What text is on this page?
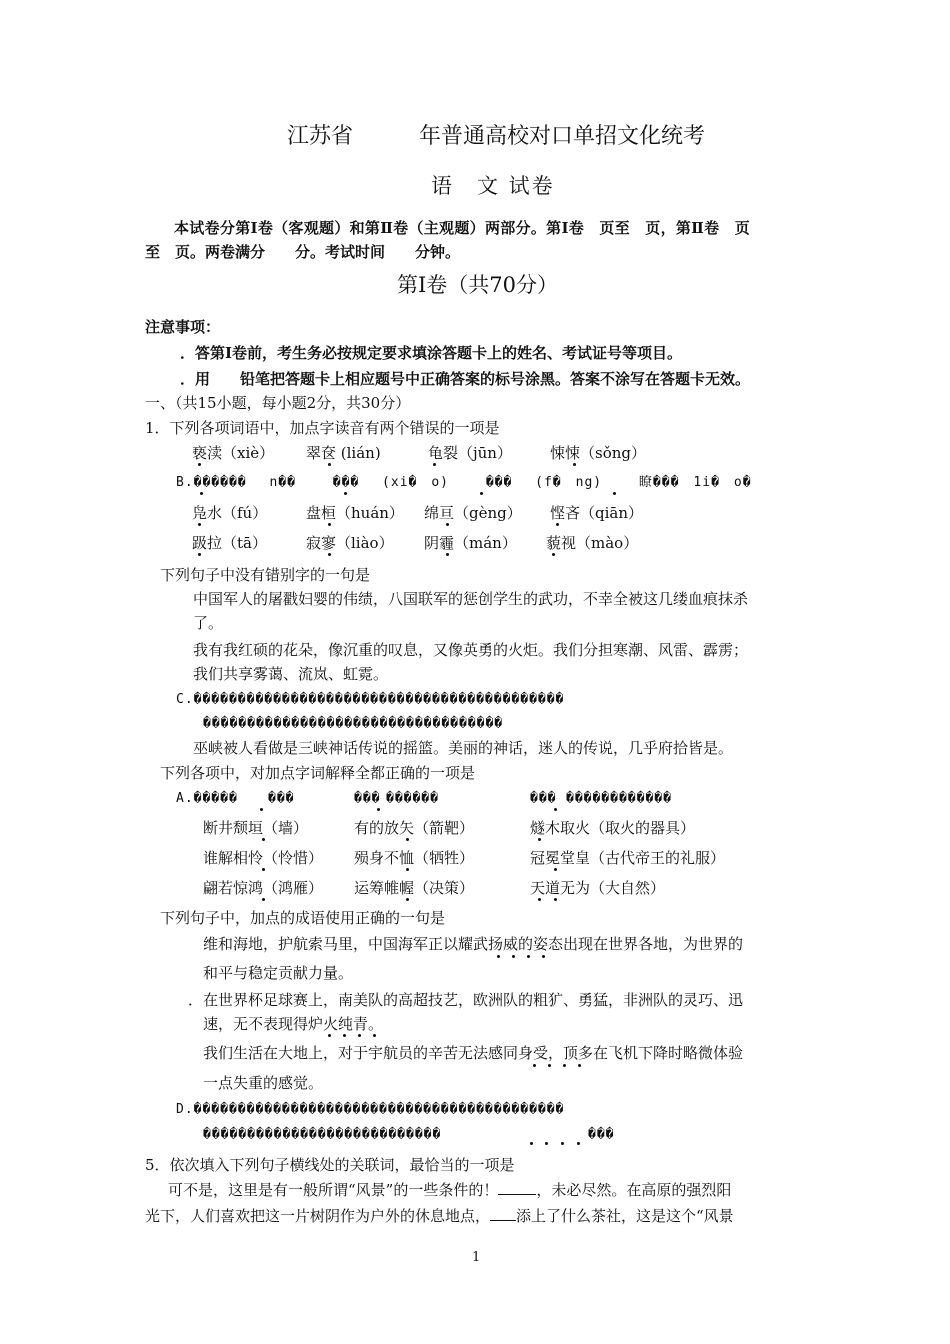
江苏省　　　年普通高校对口单招文化统考
语　文 试卷
本试卷分第Ⅰ卷（客观题）和第Ⅱ卷（主观题）两部分。第Ⅰ卷　页至　页，第Ⅱ卷　页
至　页。两卷满分　　分。考试时间　　分钟。
第Ⅰ卷（共70分）
注意事项：
．答第Ⅰ卷前，考生务必按规定要求填涂答题卡上的姓名、考试证号等项目。
．用　　铅笔把答题卡上相应题号中正确答案的标号涂黑。答案不涂写在答题卡无效。
一、（共15小题，每小题2分，共30分）
1．下列各项词语中，加点字读音有两个错误的一项是
亵渎（xiè） 翠奁 (lián)	龟裂（jūn）	悚悚（sǒng）
B.������　 n��　　 ���　 (xi�　o)　　 ���　 (f�　ng)　　 瞭���　1i�　o�
凫水（fú）	盘桓（huán） 绵亘（gèng） 悭吝（qiān）
趿拉（tā）	寂寥（liào） 阴霾（mán） 藐视（mào）
下列句子中没有错别字的一句是
中国军人的屠戳妇婴的伟绩，八国联军的惩创学生的武功，不幸全被这几缕血痕抹杀
了。
我有我红硕的花朵，像沉重的叹息，又像英勇的火炬。我们分担寒潮、风雷、霹雳；
我们共享雾蔼、流岚、虹霓。
C.������������������������������������������
����������������������������������
巫峡被人看做是三峡神话传说的摇篮。美丽的神话，迷人的传说，几乎府拾皆是。
下列各项中，对加点字词解释全都正确的一项是
A.����� ���	��� ������	��� ������������
断井颓垣（墙）	有的放矢（箭靶）	燧木取火（取火的器具）
谁解相怜（怜惜） 殒身不恤（牺牲）	冠冕堂皇（古代帝王的礼服）
翩若惊鸿（鸿雁） 运筹帷幄（决策）	天道无为（大自然）
下列句子中，加点的成语使用正确的一句是
维和海地，护航索马里，中国海军正以耀武扬威的姿态出现在世界各地，为世界的
和平与稳定贡献力量。
．在世界杯足球赛上，南美队的高超技艺，欧洲队的粗犷、勇猛，非洲队的灵巧、迅
速，无不表现得炉火纯青。
我们生活在大地上，对于宇航员的辛苦无法感同身受，顶多在飞机下降时略微体验
一点失重的感觉。
D.������������������������������������������
���������������������������	���
5．依次填入下列句子横线处的关联词，最恰当的一项是
可不是，这里是有一般所谓“风景”的一些条件的！	，未必尽然。在高原的强烈阳
光下，人们喜欢把这一片树阴作为户外的休息地点， 添上了什么茶社，这是这个“风景
1
